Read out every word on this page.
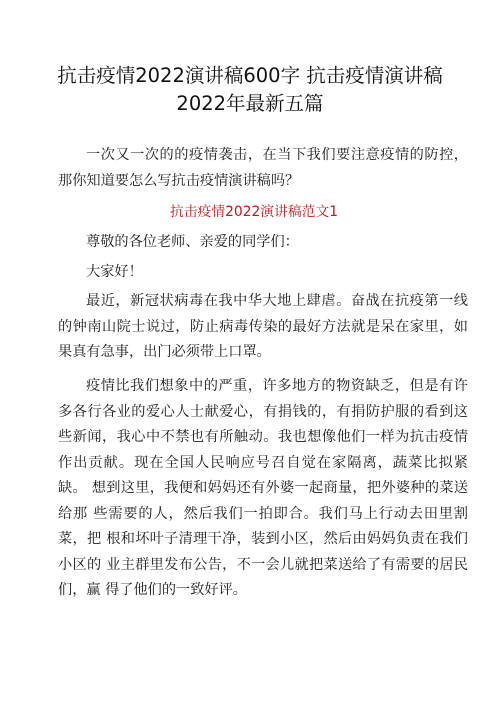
抗击疫情2022演讲稿600字 抗击疫情演讲稿
2022年最新五篇

一次又一次的的疫情袭击，在当下我们要注意疫情的防控， 那你知道要怎么写抗击疫情演讲稿吗？

抗击疫情2022演讲稿范文1

尊敬的各位老师、亲爱的同学们：

大家好！

最近，新冠状病毒在我中华大地上肆虐。奋战在抗疫第一线 的钟南山院士说过，防止病毒传染的最好方法就是呆在家里，如 果真有急事，出门必须带上口罩。

疫情比我们想象中的严重，许多地方的物资缺乏，但是有许 多各行各业的爱心人士献爱心，有捐钱的，有捐防护服的看到这 些新闻，我心中不禁也有所触动。我也想像他们一样为抗击疫情 作出贡献。现在全国人民响应号召自觉在家隔离，蔬菜比拟紧缺。 想到这里，我便和妈妈还有外婆一起商量，把外婆种的菜送给那 些需要的人，然后我们一拍即合。我们马上行动去田里割菜，把 根和坏叶子清理干净，装到小区，然后由妈妈负责在我们小区的 业主群里发布公告，不一会儿就把菜送给了有需要的居民们，赢 得了他们的一致好评。
